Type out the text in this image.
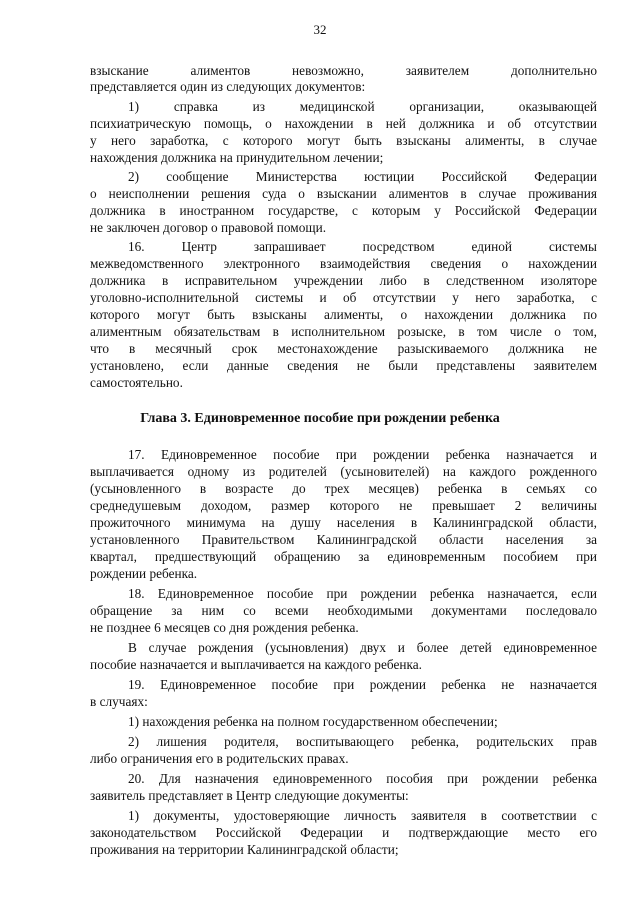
32
взыскание алиментов невозможно, заявителем дополнительно
представляется один из следующих документов:
1) справка из медицинской организации, оказывающей
психиатрическую помощь, о нахождении в ней должника и об отсутствии
у него заработка, с которого могут быть взысканы алименты, в случае
нахождения должника на принудительном лечении;
2) сообщение Министерства юстиции Российской Федерации
о неисполнении решения суда о взыскании алиментов в случае проживания
должника в иностранном государстве, с которым у Российской Федерации
не заключен договор о правовой помощи.
16. Центр запрашивает посредством единой системы
межведомственного электронного взаимодействия сведения о нахождении
должника в исправительном учреждении либо в следственном изоляторе
уголовно-исполнительной системы и об отсутствии у него заработка, с
которого могут быть взысканы алименты, о нахождении должника по
алиментным обязательствам в исполнительном розыске, в том числе о том,
что в месячный срок местонахождение разыскиваемого должника не
установлено, если данные сведения не были представлены заявителем
самостоятельно.
Глава 3. Единовременное пособие при рождении ребенка
17. Единовременное пособие при рождении ребенка назначается и
выплачивается одному из родителей (усыновителей) на каждого рожденного
(усыновленного в возрасте до трех месяцев) ребенка в семьях со
среднедушевым доходом, размер которого не превышает 2 величины
прожиточного минимума на душу населения в Калининградской области,
установленного Правительством Калининградской области населения за
квартал, предшествующий обращению за единовременным пособием при
рождении ребенка.
18. Единовременное пособие при рождении ребенка назначается, если
обращение за ним со всеми необходимыми документами последовало
не позднее 6 месяцев со дня рождения ребенка.
В случае рождения (усыновления) двух и более детей единовременное
пособие назначается и выплачивается на каждого ребенка.
19. Единовременное пособие при рождении ребенка не назначается
в случаях:
1) нахождения ребенка на полном государственном обеспечении;
2) лишения родителя, воспитывающего ребенка, родительских прав
либо ограничения его в родительских правах.
20. Для назначения единовременного пособия при рождении ребенка
заявитель представляет в Центр следующие документы:
1) документы, удостоверяющие личность заявителя в соответствии с
законодательством Российской Федерации и подтверждающие место его
проживания на территории Калининградской области;
